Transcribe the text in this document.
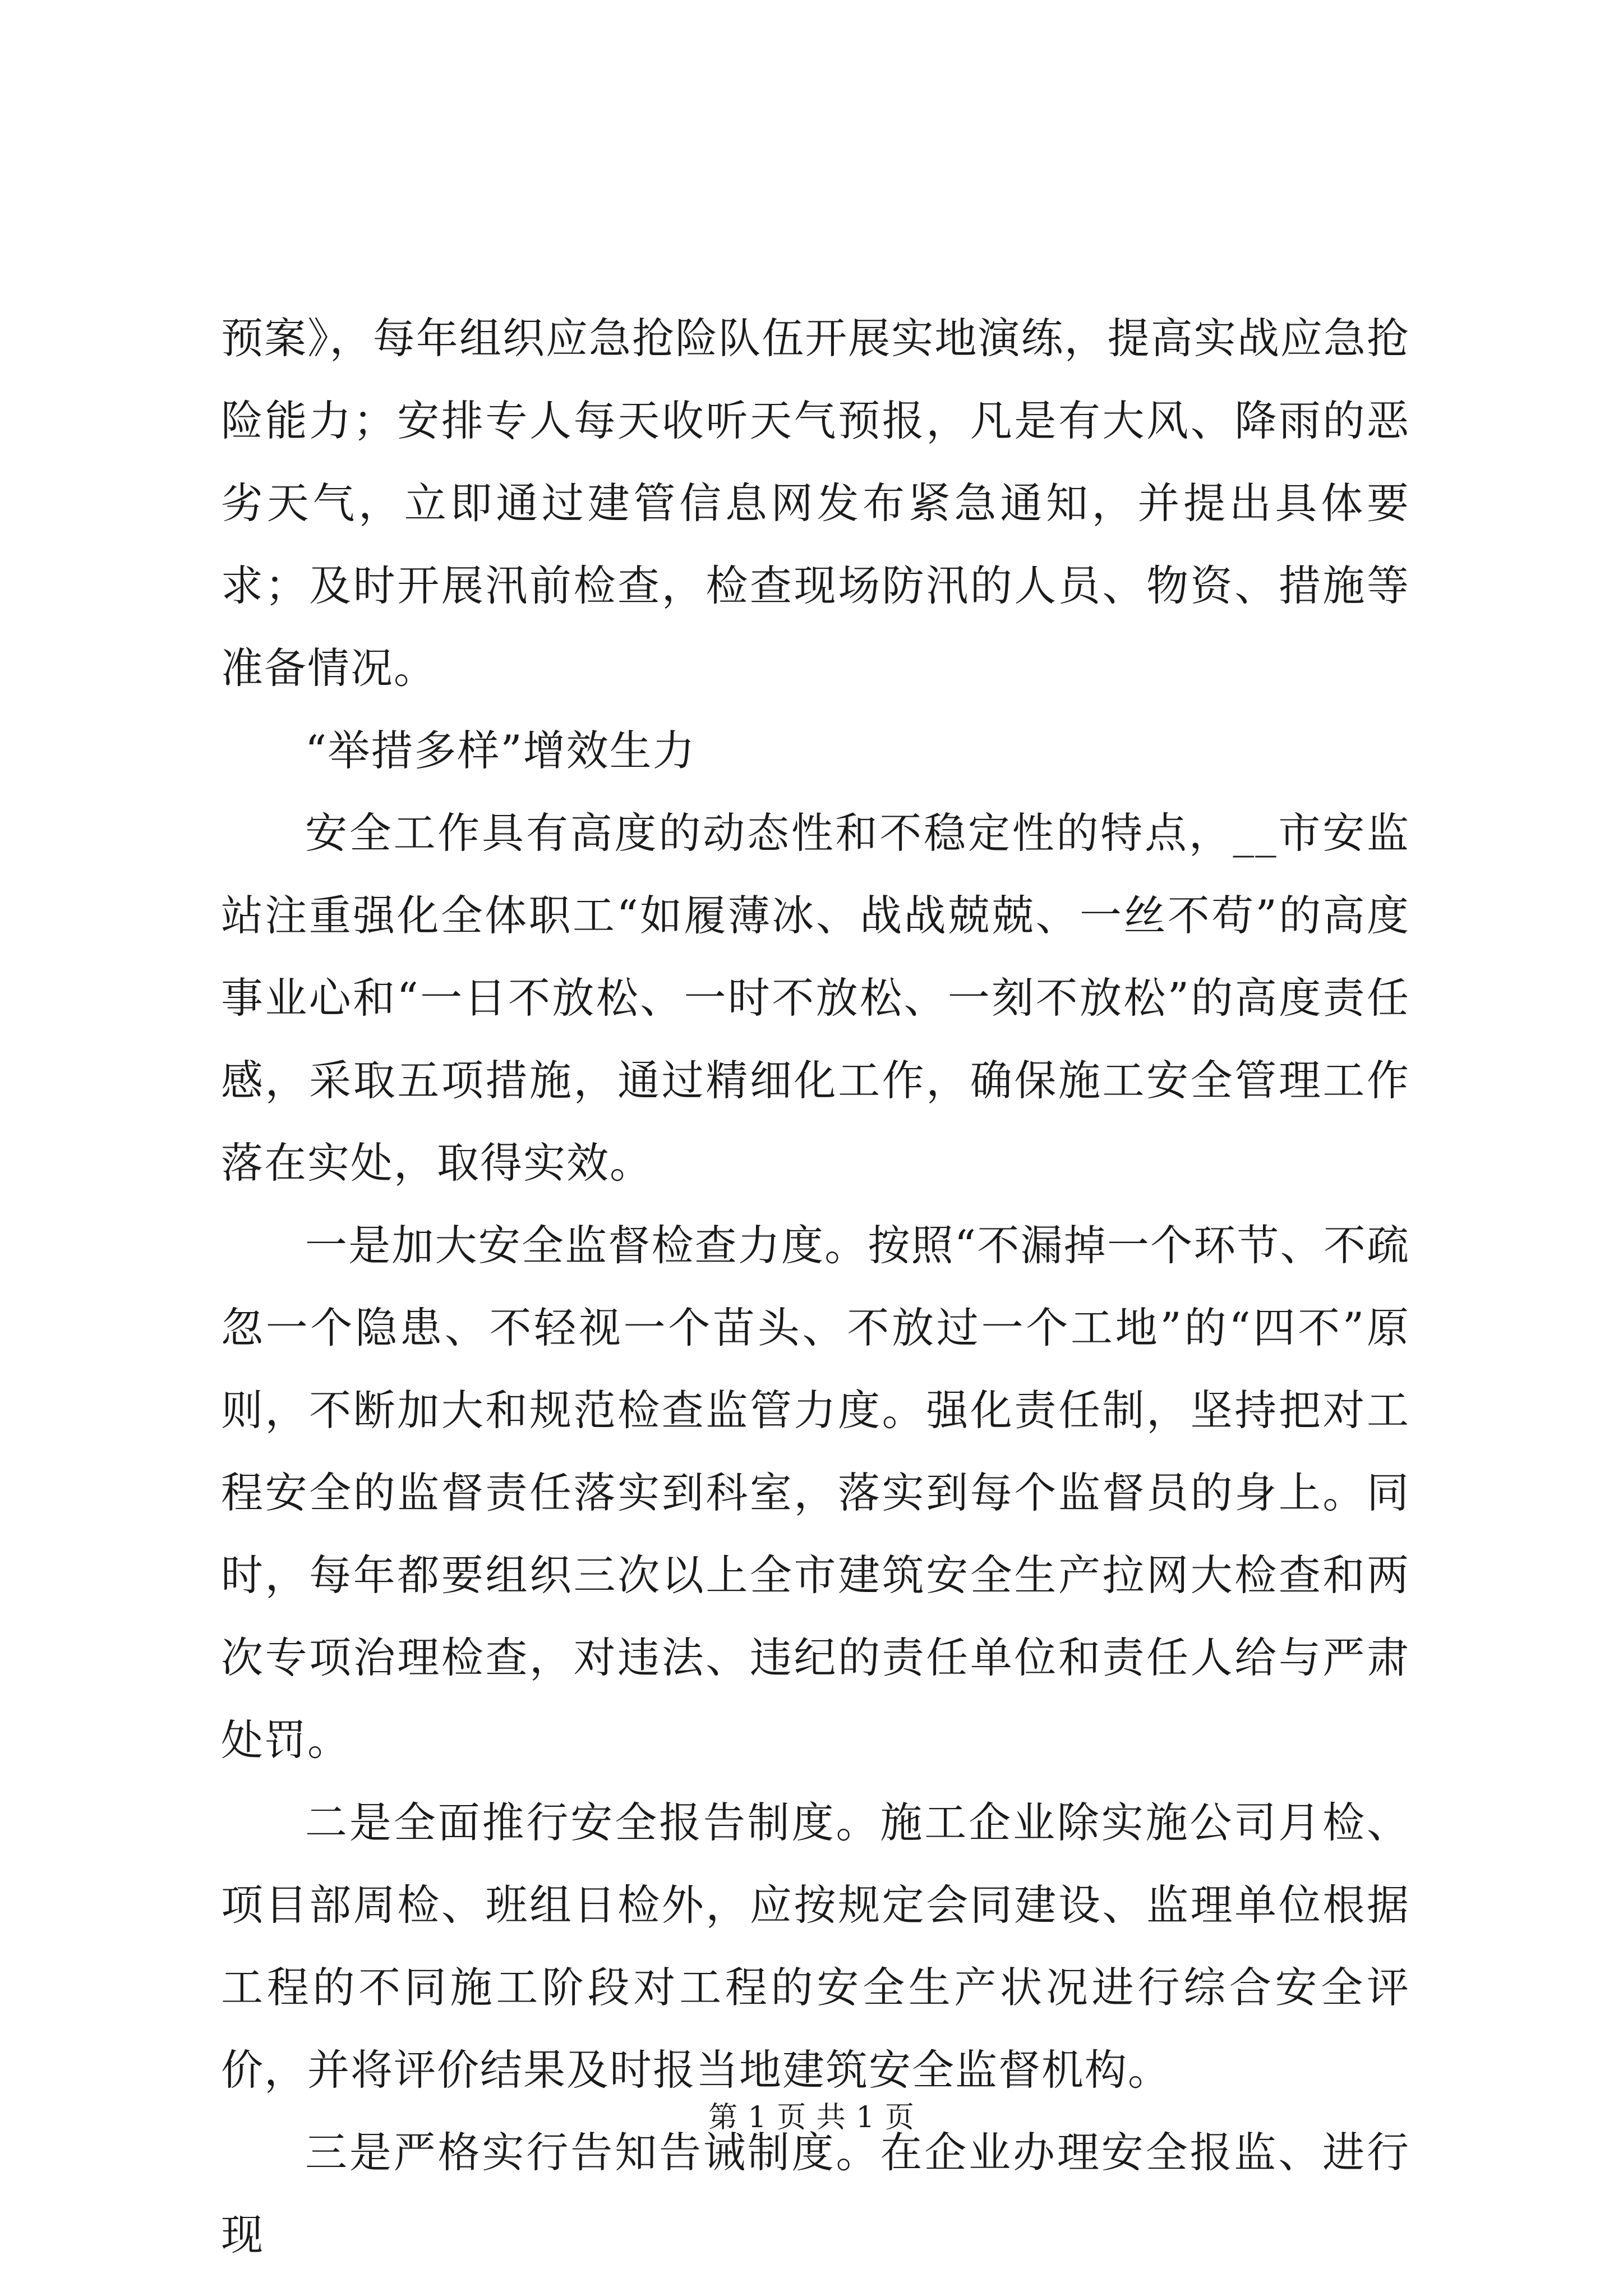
预案》，每年组织应急抢险队伍开展实地演练，提高实战应急抢险能力；安排专人每天收听天气预报，凡是有大风、降雨的恶劣天气，立即通过建管信息网发布紧急通知，并提出具体要求；及时开展汛前检查，检查现场防汛的人员、物资、措施等准备情况。

“举措多样”增效生力

安全工作具有高度的动态性和不稳定性的特点，__市安监站注重强化全体职工“如履薄冰、战战兢兢、一丝不苟”的高度事业心和“一日不放松、一时不放松、一刻不放松”的高度责任感，采取五项措施，通过精细化工作，确保施工安全管理工作落在实处，取得实效。

一是加大安全监督检查力度。按照“不漏掉一个环节、不疏忽一个隐患、不轻视一个苗头、不放过一个工地”的“四不”原则，不断加大和规范检查监管力度。强化责任制，坚持把对工程安全的监督责任落实到科室，落实到每个监督员的身上。同时，每年都要组织三次以上全市建筑安全生产拉网大检查和两次专项治理检查，对违法、违纪的责任单位和责任人给与严肃处罚。

二是全面推行安全报告制度。施工企业除实施公司月检、项目部周检、班组日检外，应按规定会同建设、监理单位根据工程的不同施工阶段对工程的安全生产状况进行综合安全评价，并将评价结果及时报当地建筑安全监督机构。

三是严格实行告知告诫制度。在企业办理安全报监、进行现

第 1 页 共 1 页
